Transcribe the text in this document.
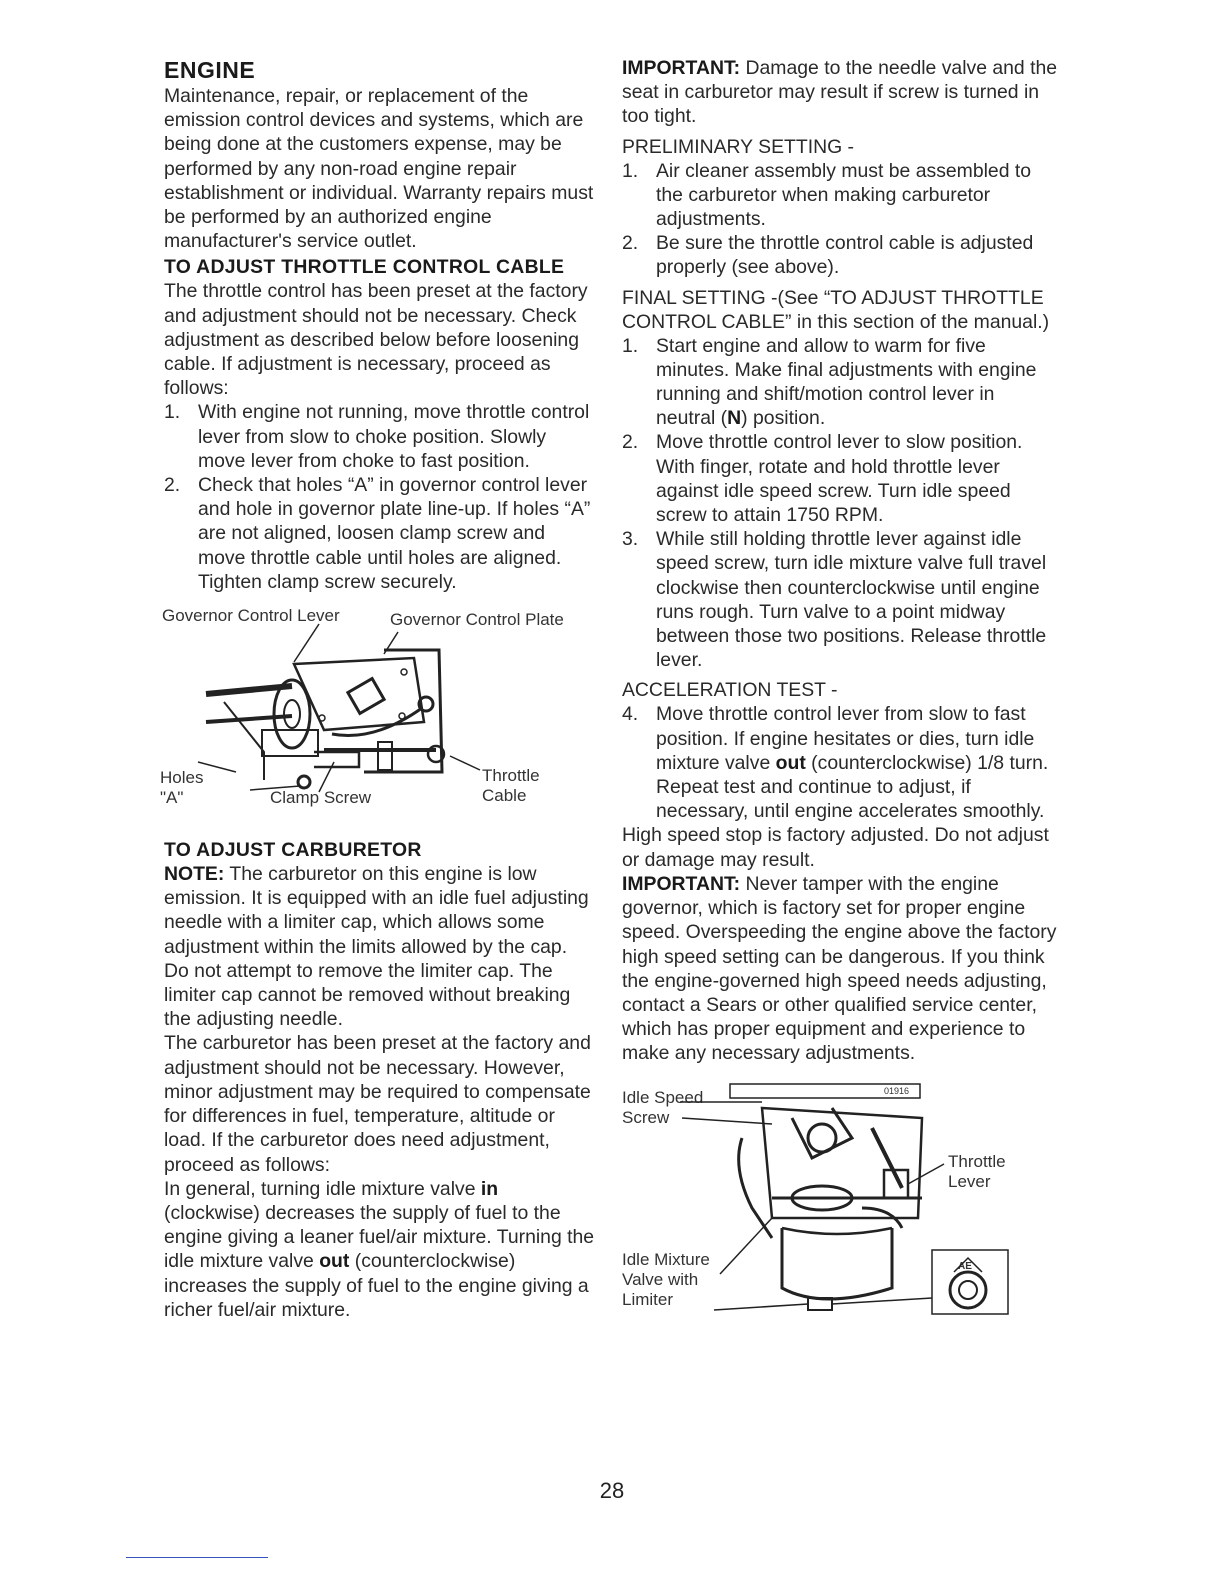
ENGINE

Maintenance, repair, or replacement of the emission control devices and systems, which are being done at the customers expense, may be performed by any non-road engine repair establishment or individual. Warranty repairs must be performed by an authorized engine manufacturer's service outlet.

TO ADJUST THROTTLE CONTROL CABLE

The throttle control has been preset at the factory and adjustment should not be necessary. Check adjustment as described below before loosening cable. If adjustment is necessary, proceed as follows:

1. With engine not running, move throttle control lever from slow to choke position. Slowly move lever from choke to fast position.
2. Check that holes “A” in governor control lever and hole in governor plate line-up. If holes “A” are not aligned, loosen clamp screw and move throttle cable until holes are aligned. Tighten clamp screw securely.
Governor Control Lever	Governor Control Plate
Holes
"A"	Clamp Screw
Throttle
Cable

TO ADJUST CARBURETOR

NOTE: The carburetor on this engine is low emission. It is equipped with an idle fuel adjusting needle with a limiter cap, which allows some adjustment within the limits allowed by the cap. Do not attempt to remove the limiter cap. The limiter cap cannot be removed without breaking the adjusting needle.

The carburetor has been preset at the factory and adjustment should not be necessary. However, minor adjustment may be required to compensate for differences in fuel, temperature, altitude or load. If the carburetor does need adjustment, proceed as follows:

In general, turning idle mixture valve in (clockwise) decreases the supply of fuel to the engine giving a leaner fuel/air mixture. Turning the idle mixture valve out (counterclockwise) increases the supply of fuel to the engine giving a richer fuel/air mixture.

IMPORTANT: Damage to the needle valve and the seat in carburetor may result if screw is turned in too tight.

PRELIMINARY SETTING -

1. Air cleaner assembly must be assembled to the carburetor when making carburetor adjustments.
2. Be sure the throttle control cable is adjusted properly (see above).

FINAL SETTING -(See “TO ADJUST THROTTLE CONTROL CABLE” in this section of the manual.)

1. Start engine and allow to warm for five minutes. Make final adjustments with engine running and shift/motion control lever in neutral (N) position.
2. Move throttle control lever to slow position. With finger, rotate and hold throttle lever against idle speed screw. Turn idle speed screw to attain 1750 RPM.
3. While still holding throttle lever against idle speed screw, turn idle mixture valve full travel clockwise then counterclockwise until engine runs rough. Turn valve to a point midway between those two positions. Release throttle lever.

ACCELERATION TEST -

4. Move throttle control lever from slow to fast position. If engine hesitates or dies, turn idle mixture valve out (counterclockwise) 1/8 turn. Repeat test and continue to adjust, if necessary, until engine accelerates smoothly.

High speed stop is factory adjusted. Do not adjust or damage may result.

IMPORTANT: Never tamper with the engine governor, which is factory set for proper engine speed. Overspeeding the engine above the factory high speed setting can be dangerous. If you think the engine-governed high speed needs adjusting, contact a Sears or other qualified service center, which has proper equipment and experience to make any necessary adjustments.

Idle Speed
Screw
Throttle
Lever
Idle Mixture
Valve with
Limiter
01916
AE
28
